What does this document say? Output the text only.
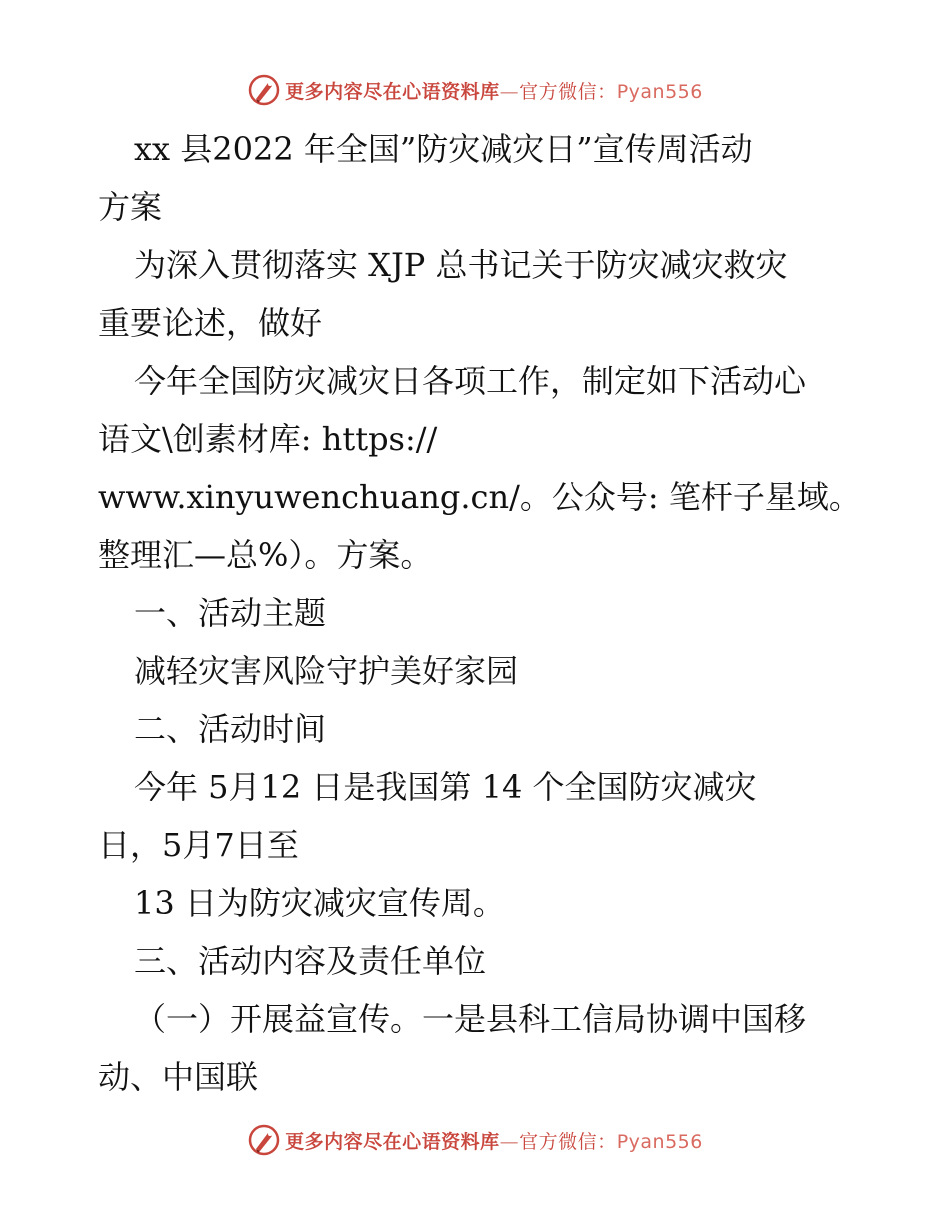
更多内容尽在心语资料库—官方微信：Pyan556

xx 县2022 年全国”防灾减灾日”宣传周活动

方案

为深入贯彻落实 XJP 总书记关于防灾减灾救灾

重要论述，做好

今年全国防灾减灾日各项工作，制定如下活动心

语文\创素材库: https://

www.xinyuwenchuang.cn/。公众号: 笔杆子星域。

整理汇—总%）。方案。

一、活动主题

减轻灾害风险守护美好家园

二、活动时间

今年 5月12 日是我国第 14 个全国防灾减灾

日，5月7日至

13 日为防灾减灾宣传周。

三、活动内容及责任单位

（一）开展益宣传。一是县科工信局协调中国移

动、中国联

更多内容尽在心语资料库—官方微信：Pyan556
